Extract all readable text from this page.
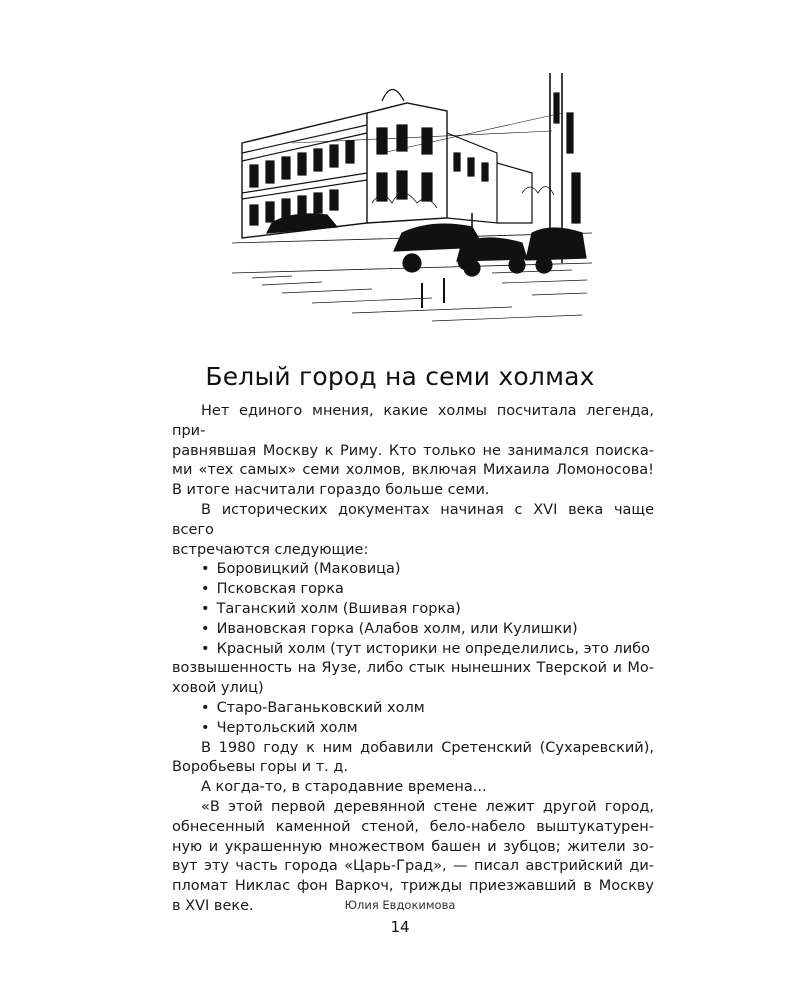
Белый город на семи холмах

Нет единого мнения, какие холмы посчитала легенда, при-

равнявшая Москву к Риму. Кто только не занимался поиска-
ми «тех самых» семи холмов, включая Михаила Ломоносова!
В итоге насчитали гораздо больше семи.

В исторических документах начиная с XVI века чаще всего

встречаются следующие:
• Боровицкий (Маковица)
• Псковская горка
• Таганский холм (Вшивая горка)
• Ивановская горка (Алабов холм, или Кулишки)
• Красный холм (тут историки не определились, это либо
возвышенность на Яузе, либо стык нынешних Тверской и Мо-
ховой улиц)
• Старо-Ваганьковский холм
• Чертольский холм

В 1980 году к ним добавили Сретенский (Сухаревский),

Воробьевы горы и т. д.

А когда-то, в стародавние времена...

«В этой первой деревянной стене лежит другой город,

обнесенный каменной стеной, бело-набело выштукатурен-
ную и украшенную множеством башен и зубцов; жители зо-
вут эту часть города «Царь-Град», — писал австрийский ди-
пломат Никлас фон Варкоч, трижды приезжавший в Москву
в XVI веке.	Юлия Евдокимова
14
